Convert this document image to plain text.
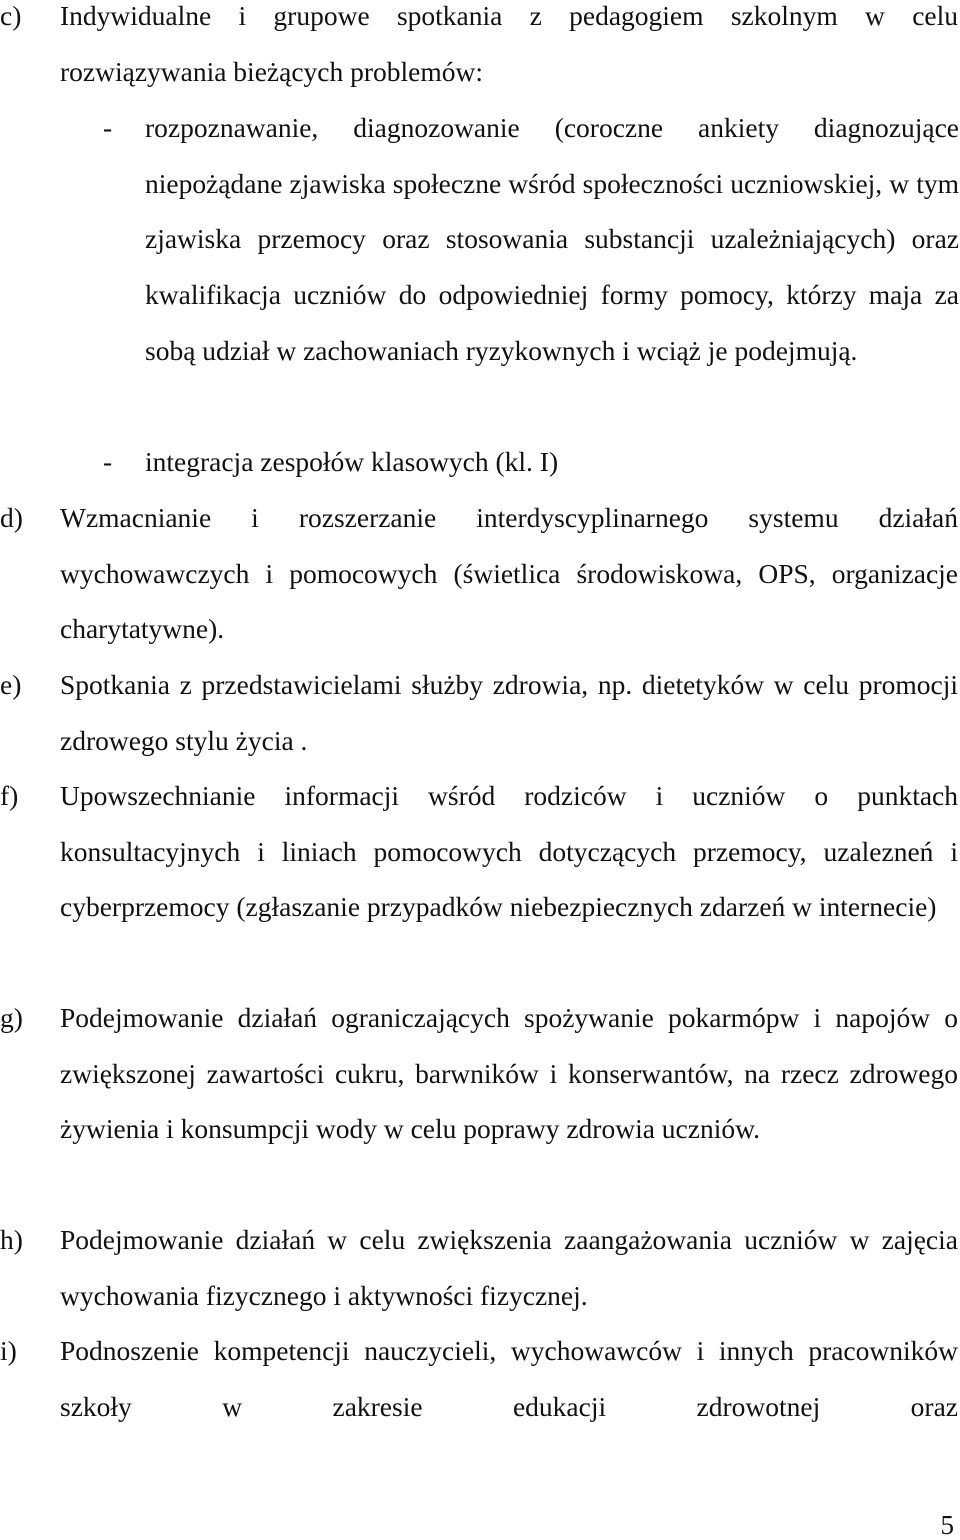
c) Indywidualne i grupowe spotkania z pedagogiem szkolnym w celu rozwiązywania bieżących problemów:
- rozpoznawanie, diagnozowanie (coroczne ankiety diagnozujące niepożądane zjawiska społeczne wśród społeczności uczniowskiej, w tym zjawiska przemocy oraz stosowania substancji uzależniających) oraz kwalifikacja uczniów do odpowiedniej formy pomocy, którzy maja za sobą udział w zachowaniach ryzykownych i wciąż je podejmują.
- integracja zespołów klasowych (kl. I)
d) Wzmacnianie i rozszerzanie interdyscyplinarnego systemu działań wychowawczych i pomocowych (świetlica środowiskowa, OPS, organizacje charytatywne).
e) Spotkania z przedstawicielami służby zdrowia, np. dietetyków w celu promocji zdrowego stylu życia .
f) Upowszechnianie informacji wśród rodziców i uczniów o punktach konsultacyjnych i liniach pomocowych dotyczących przemocy, uzalezneń i cyberprzemocy (zgłaszanie przypadków niebezpiecznych zdarzeń w internecie)
g) Podejmowanie działań ograniczających spożywanie pokarmópw i napojów o zwiększonej zawartości cukru, barwników i konserwantów, na rzecz zdrowego żywienia i konsumpcji wody w celu poprawy zdrowia uczniów.
h) Podejmowanie działań w celu zwiększenia zaangażowania uczniów w zajęcia wychowania fizycznego i aktywności fizycznej.
i) Podnoszenie kompetencji nauczycieli, wychowawców i innych pracowników szkoły w zakresie edukacji zdrowotnej oraz
5
